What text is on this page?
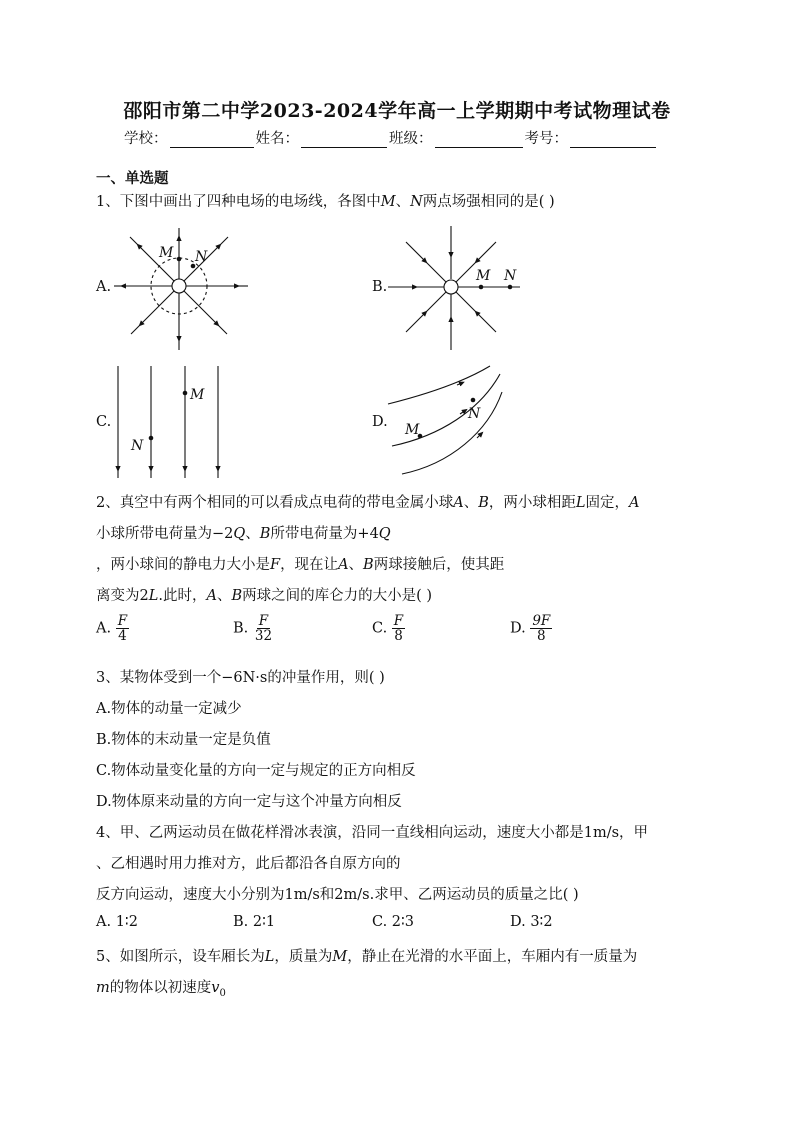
邵阳市第二中学2023-2024学年高一上学期期中考试物理试卷
学校：	姓名：	班级：	考号：
一、单选题
1、下图中画出了四种电场的电场线，各图中M、N两点场强相同的是( )
A.	B.
C.	D.
M N
M N
M
N
M
N
2、真空中有两个相同的可以看成点电荷的带电金属小球A、B，两小球相距L固定，A
小球所带电荷量为−2Q、B所带电荷量为+4Q
，两小球间的静电力大小是F，现在让A、B两球接触后，使其距
离变为2L.此时，A、B两球之间的库仑力的大小是( )
A. $\frac{F}{4}$	B. $\frac{F}{32}$	C. $\frac{F}{8}$	D. $\frac{9F}{8}$
3、某物体受到一个−6N·s的冲量作用，则( )
A.物体的动量一定减少
B.物体的末动量一定是负值
C.物体动量变化量的方向一定与规定的正方向相反
D.物体原来动量的方向一定与这个冲量方向相反
4、甲、乙两运动员在做花样滑冰表演，沿同一直线相向运动，速度大小都是1m/s，甲
、乙相遇时用力推对方，此后都沿各自原方向的
反方向运动，速度大小分别为1m/s和2m/s.求甲、乙两运动员的质量之比( )
A. 1∶2	B. 2∶1	C. 2∶3	D. 3∶2
5、如图所示，设车厢长为L，质量为M，静止在光滑的水平面上，车厢内有一质量为
m的物体以初速度$v_0$
